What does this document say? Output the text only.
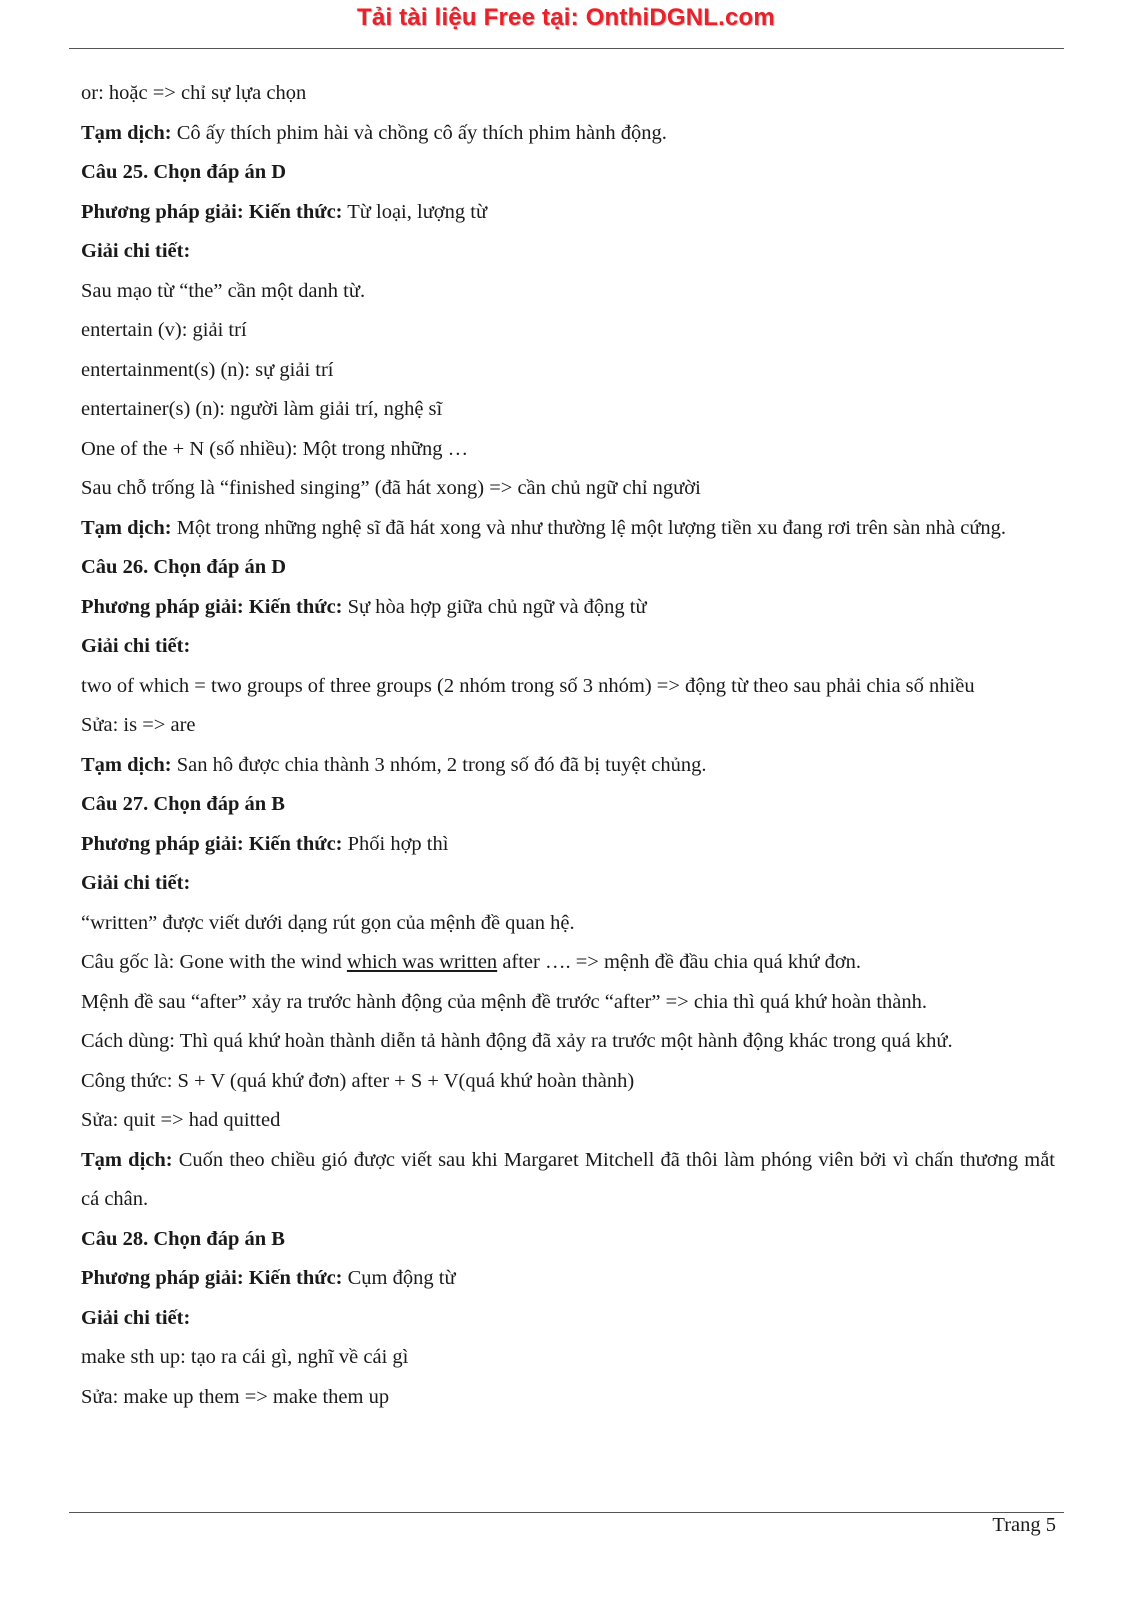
Tải tài liệu Free tại: OnthiDGNL.com
or: hoặc => chỉ sự lựa chọn
Tạm dịch: Cô ấy thích phim hài và chồng cô ấy thích phim hành động.
Câu 25. Chọn đáp án D
Phương pháp giải: Kiến thức: Từ loại, lượng từ
Giải chi tiết:
Sau mạo từ “the” cần một danh từ.
entertain (v): giải trí
entertainment(s) (n): sự giải trí
entertainer(s) (n): người làm giải trí, nghệ sĩ
One of the + N (số nhiều): Một trong những …
Sau chỗ trống là “finished singing” (đã hát xong) => cần chủ ngữ chỉ người
Tạm dịch: Một trong những nghệ sĩ đã hát xong và như thường lệ một lượng tiền xu đang rơi trên sàn nhà cứng.
Câu 26. Chọn đáp án D
Phương pháp giải: Kiến thức: Sự hòa hợp giữa chủ ngữ và động từ
Giải chi tiết:
two of which = two groups of three groups (2 nhóm trong số 3 nhóm) => động từ theo sau phải chia số nhiều
Sửa: is => are
Tạm dịch: San hô được chia thành 3 nhóm, 2 trong số đó đã bị tuyệt chủng.
Câu 27. Chọn đáp án B
Phương pháp giải: Kiến thức: Phối hợp thì
Giải chi tiết:
“written” được viết dưới dạng rút gọn của mệnh đề quan hệ.
Câu gốc là: Gone with the wind which was written after …. => mệnh đề đầu chia quá khứ đơn.
Mệnh đề sau “after” xảy ra trước hành động của mệnh đề trước “after” => chia thì quá khứ hoàn thành.
Cách dùng: Thì quá khứ hoàn thành diễn tả hành động đã xảy ra trước một hành động khác trong quá khứ.
Công thức: S + V (quá khứ đơn) after + S + V(quá khứ hoàn thành)
Sửa: quit => had quitted
Tạm dịch: Cuốn theo chiều gió được viết sau khi Margaret Mitchell đã thôi làm phóng viên bởi vì chấn thương mắt cá chân.
Câu 28. Chọn đáp án B
Phương pháp giải: Kiến thức: Cụm động từ
Giải chi tiết:
make sth up: tạo ra cái gì, nghĩ về cái gì
Sửa: make up them => make them up
Trang 5
